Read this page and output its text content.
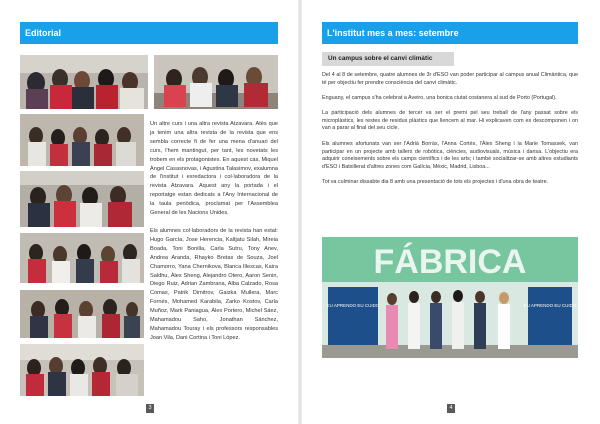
Editorial

Un altre curs i una altra revista Atzavara. Atès que ja tenim una altra revista de la revista que ens sembla correcte fi de fer una mena d'anuari del curs, l'hem mantingut, per tant, les novetats les trobem en els protagonistes. En aquest cas, Miquel Àngel Casasnovas, i Agustina Talasimov, exalumna de l'institut i exredactora i col·laboradora de la revista Atzavara. Aquest any la portada i el reportatge estan dedicats a l'Any Internacional de la taula periòdica, proclamat per l'Assemblea General de les Nacions Unides.

Els alumnes col·laboradors de la revista han estat: Hugo García, Jose Herencia, Kaltjatu Silah, Mireia Boada, Toni Bonilla, Carla Sutru, Tony Anev, Andrea Aranda, Rhayko Bretas de Souza, Joel Chamorro, Yana Chernikova, Blanca Illescas, Kaira Saldhu, Àlex Sheng, Alejandro Otero, Aaron Senin, Diego Ruiz, Adrian Zambrana, Alba Calzado, Rosa Comas, Patrik Dimitrov, Gaizka Mullera, Marc Fornés, Mohamed Karabila, Zarko Kostov, Carla Muñoz, Mark Paniagua, Àlex Portero, Michel Sáez, Mahamadou Saho, Jonathan Sánchez, Mahamadou Touray i els professors responsables Joan Vila, Dani Cortina i Toni López.

3
L'institut mes a mes: setembre
Un campus sobre el canvi climàtic
Del 4 al 8 de setembre, quatre alumnes de 3r d'ESO van poder participar al campus anual Climàntica, que té per objectiu fer prendre consciència del canvi climàtic.
Enguany, el campus s'ha celebrat a Aveiro, una bonica ciutat costanera al sud de Porto (Portugal).
La participació dels alumnes de tercer va ser el premi pel seu treball de l'any passat sobre els microplàstics, les restes de residus plàstics que llencem al mar. Hi explicaven com es descomponen i on van a parar al final del seu cicle.
Els alumnes afortunats van ser l'Adrià Borràs, l'Anna Cortés, l'Àlex Sheng i la Marie Tomassek, van participar en un projecte amb tallers de robòtica, ciències, audiovisuals, música i dansa. L'objectiu era adquirir coneixements sobre els camps científics i de les arts; i també socialitzar-se amb altres estudiants d'ESO i Batxillerat d'altres zones com Galícia, Mèxic, Madrid, Lisboa...
Tot va culminar dissabte dia 8 amb una presentació de tots els projectes i d'una obra de teatre.
FÁBRICA
EU APRENDO EU CUIDO	EU APRENDO EU CUIDO
4
